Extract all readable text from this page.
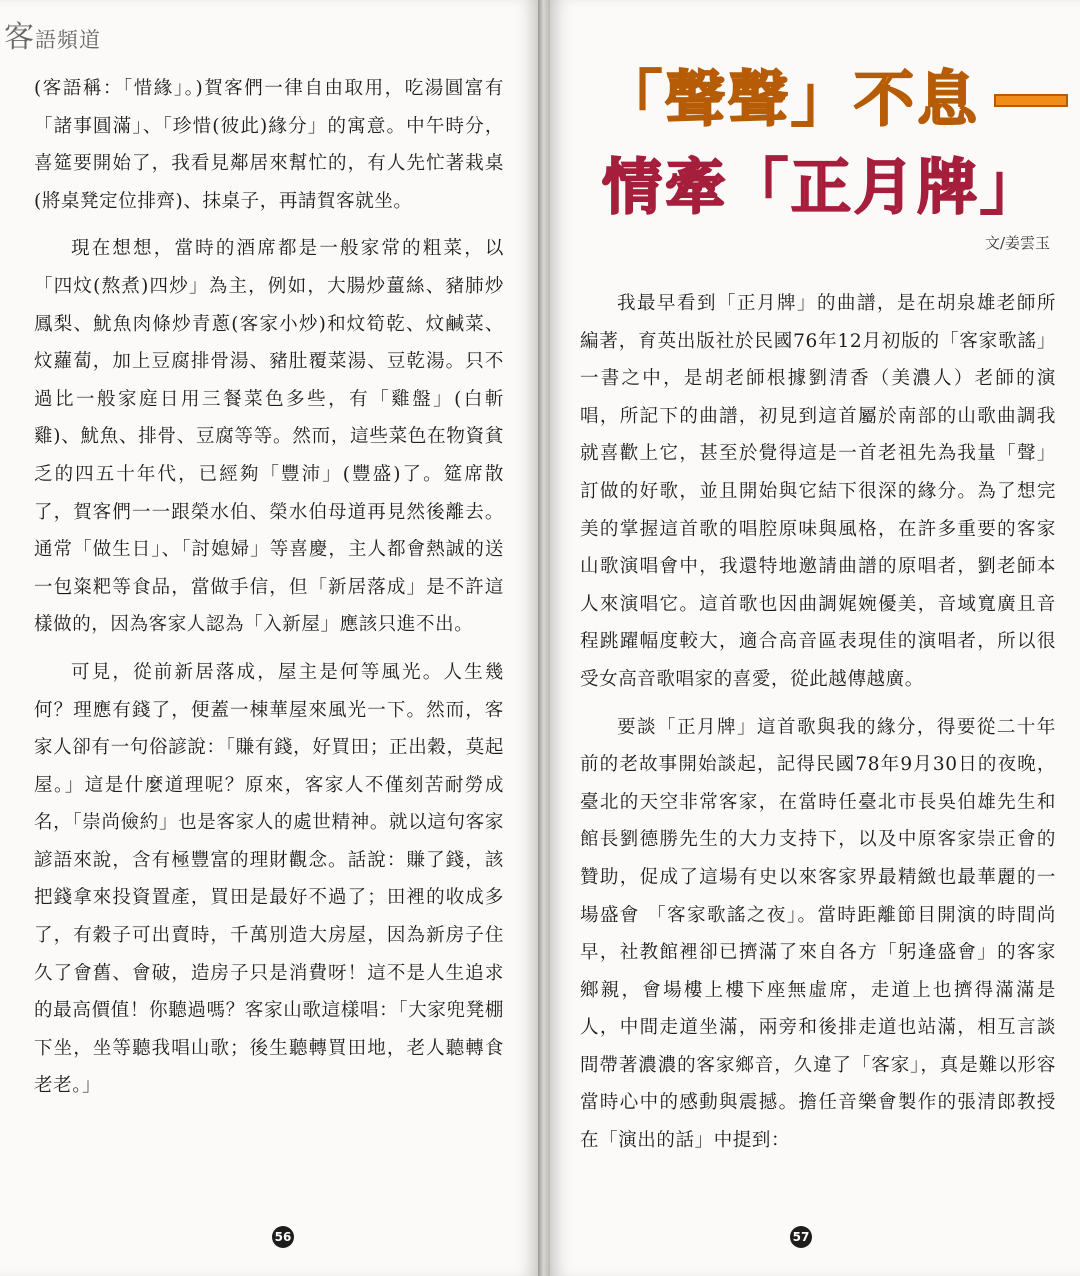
客語頻道

(客語稱：「惜緣」。)賀客們一律自由取用，吃湯圓富有「諸事圓滿」、「珍惜(彼此)緣分」的寓意。中午時分，喜筵要開始了，我看見鄰居來幫忙的，有人先忙著栽桌(將桌凳定位排齊)、抹桌子，再請賀客就坐。

現在想想，當時的酒席都是一般家常的粗菜，以「四炆(熬煮)四炒」為主，例如，大腸炒薑絲、豬肺炒鳳梨、魷魚肉條炒青蔥(客家小炒)和炆筍乾、炆鹹菜、炆蘿蔔，加上豆腐排骨湯、豬肚覆菜湯、豆乾湯。只不過比一般家庭日用三餐菜色多些，有「雞盤」(白斬雞)、魷魚、排骨、豆腐等等。然而，這些菜色在物資貧乏的四五十年代，已經夠「豐沛」(豐盛)了。筵席散了，賀客們一一跟榮水伯、榮水伯母道再見然後離去。通常「做生日」、「討媳婦」等喜慶，主人都會熱誠的送一包粢粑等食品，當做手信，但「新居落成」是不許這樣做的，因為客家人認為「入新屋」應該只進不出。

可見，從前新居落成，屋主是何等風光。人生幾何？理應有錢了，便蓋一棟華屋來風光一下。然而，客家人卻有一句俗諺說：「賺有錢，好買田；正出穀，莫起屋。」這是什麼道理呢？原來，客家人不僅刻苦耐勞成名，「崇尚儉約」也是客家人的處世精神。就以這句客家諺語來說，含有極豐富的理財觀念。話說：賺了錢，該把錢拿來投資置產，買田是最好不過了；田裡的收成多了，有穀子可出賣時，千萬別造大房屋，因為新房子住久了會舊、會破，造房子只是消費呀！這不是人生追求的最高價值！你聽過嗎？客家山歌這樣唱：「大家兜凳棚下坐，坐等聽我唱山歌；後生聽轉買田地，老人聽轉食老老。」

56
「聲聲」不息
情牽「正月牌」
文/姜雲玉

我最早看到「正月牌」的曲譜，是在胡泉雄老師所編著，育英出版社於民國76年12月初版的「客家歌謠」一書之中，是胡老師根據劉清香（美濃人）老師的演唱，所記下的曲譜，初見到這首屬於南部的山歌曲調我就喜歡上它，甚至於覺得這是一首老祖先為我量「聲」訂做的好歌，並且開始與它結下很深的緣分。為了想完美的掌握這首歌的唱腔原味與風格，在許多重要的客家山歌演唱會中，我還特地邀請曲譜的原唱者，劉老師本人來演唱它。這首歌也因曲調娓婉優美，音域寬廣且音程跳躍幅度較大，適合高音區表現佳的演唱者，所以很受女高音歌唱家的喜愛，從此越傳越廣。

要談「正月牌」這首歌與我的緣分，得要從二十年前的老故事開始談起，記得民國78年9月30日的夜晚，臺北的天空非常客家，在當時任臺北市長吳伯雄先生和館長劉德勝先生的大力支持下，以及中原客家崇正會的贊助，促成了這場有史以來客家界最精緻也最華麗的一場盛會 「客家歌謠之夜」。當時距離節目開演的時間尚早，社教館裡卻已擠滿了來自各方「躬逢盛會」的客家鄉親，會場樓上樓下座無虛席，走道上也擠得滿滿是人，中間走道坐滿，兩旁和後排走道也站滿，相互言談間帶著濃濃的客家鄉音，久違了「客家」，真是難以形容當時心中的感動與震撼。擔任音樂會製作的張清郎教授在「演出的話」中提到：

57
